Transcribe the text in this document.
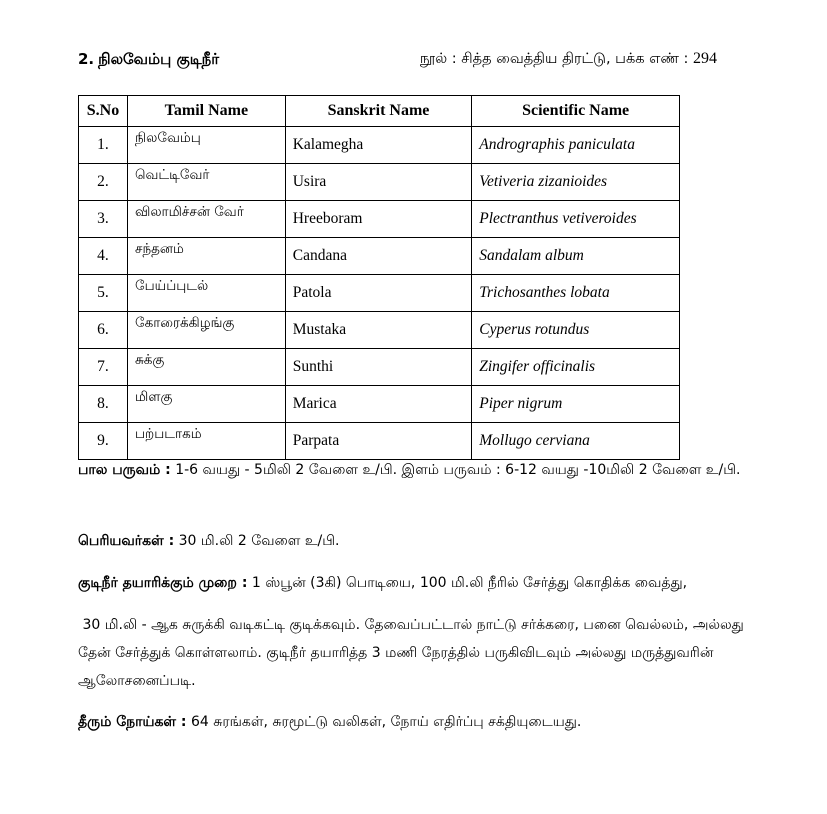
2. நிலவேம்பு குடிநீர்	நூல் : சித்த வைத்திய திரட்டு, பக்க எண் : 294
S.No	Tamil Name	Sanskrit Name	Scientific Name
1.	நிலவேம்பு	Kalamegha	Andrographis paniculata
2.	வெட்டிவேர்	Usira	Vetiveria zizanioides
3.	விலாமிச்சன் வேர்	Hreeboram	Plectranthus vetiveroides
4.	சந்தனம்	Candana	Sandalam album
5.	பேய்ப்புடல்	Patola	Trichosanthes lobata
6.	கோரைக்கிழங்கு	Mustaka	Cyperus rotundus
7.	சுக்கு	Sunthi	Zingifer officinalis
8.	மிளகு	Marica	Piper nigrum
9.	பற்படாகம்	Parpata	Mollugo cerviana
பால பருவம் : 1-6 வயது - 5மிலி 2 வேளை உ/பி. இளம் பருவம் : 6-12 வயது -10மிலி 2 வேளை உ/பி.
பெரியவர்கள் : 30 மி.லி 2 வேளை உ/பி.
குடிநீர் தயாரிக்கும் முறை : 1 ஸ்பூன் (3கி) பொடியை, 100 மி.லி நீரில் சேர்த்து கொதிக்க வைத்து,
30 மி.லி - ஆக சுருக்கி வடிகட்டி குடிக்கவும். தேவைப்பட்டால் நாட்டு சர்க்கரை, பனை வெல்லம், அல்லது தேன் சேர்த்துக் கொள்ளலாம். குடிநீர் தயாரித்த 3 மணி நேரத்தில் பருகிவிடவும் அல்லது மருத்துவரின் ஆலோசனைப்படி.
தீரும் நோய்கள் : 64 சுரங்கள், சுரமூட்டு வலிகள், நோய் எதிர்ப்பு சக்தியுடையது.
